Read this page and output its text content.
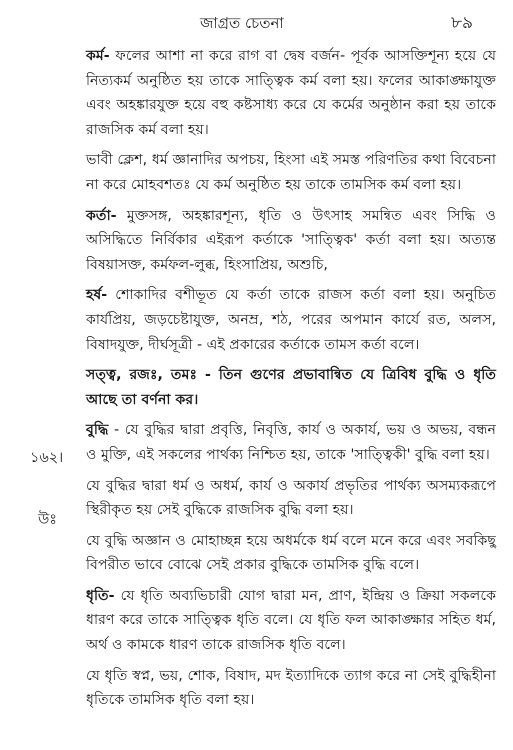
জাগ্রত চেতনা	৮৯
১৬২।
উঃ

কর্ম- ফলের আশা না করে রাগ বা দ্বেষ বর্জন- পূর্বক আসক্তিশূন্য হয়ে যে নিত্যকর্ম অনুষ্ঠিত হয় তাকে সাত্ত্বিক কর্ম বলা হয়। ফলের আকাঙ্ক্ষাযুক্ত এবং অহঙ্কারযুক্ত হয়ে বহু কষ্টসাধ্য করে যে কর্মের অনুষ্ঠান করা হয় তাকে রাজসিক কর্ম বলা হয়।

ভাবী ক্লেশ, ধর্ম জ্ঞানাদির অপচয়, হিংসা এই সমস্ত পরিণতির কথা বিবেচনা না করে মোহবশতঃ যে কর্ম অনুষ্ঠিত হয় তাকে তামসিক কর্ম বলা হয়।

কর্তা- মুক্তসঙ্গ, অহঙ্কারশূন্য, ধৃতি ও উৎসাহ সমন্বিত এবং সিদ্ধি ও অসিদ্ধিতে নির্বিকার এইরূপ কর্তাকে 'সাত্ত্বিক' কর্তা বলা হয়। অত্যন্ত বিষয়াসক্ত, কর্মফল-লুব্ধ, হিংসাপ্রিয়, অশুচি,

হর্ষ- শোকাদির বশীভূত যে কর্তা তাকে রাজস কর্তা বলা হয়। অনুচিত কার্যপ্রিয়, জড়চেষ্টাযুক্ত, অনম্র, শঠ, পরের অপমান কার্যে রত, অলস, বিষাদযুক্ত, দীর্ঘসূত্রী - এই প্রকারের কর্তাকে তামস কর্তা বলে।

সত্ত্ব, রজঃ, তমঃ - তিন গুণের প্রভাবান্বিত যে ত্রিবিধ বুদ্ধি ও ধৃতি আছে তা বর্ণনা কর।

বুদ্ধি - যে বুদ্ধির দ্বারা প্রবৃত্তি, নিবৃত্তি, কার্য ও অকার্য, ভয় ও অভয়, বন্ধন ও মুক্তি, এই সকলের পার্থক্য নিশ্চিত হয়, তাকে 'সাত্ত্বিকী' বুদ্ধি বলা হয়।

যে বুদ্ধির দ্বারা ধর্ম ও অধর্ম, কার্য ও অকার্য প্রভৃতির পার্থক্য অসম্যকরূপে স্থিরীকৃত হয় সেই বুদ্ধিকে রাজসিক বুদ্ধি বলা হয়।

যে বুদ্ধি অজ্ঞান ও মোহাচ্ছন্ন হয়ে অধর্মকে ধর্ম বলে মনে করে এবং সবকিছু বিপরীত ভাবে বোঝে সেই প্রকার বুদ্ধিকে তামসিক বুদ্ধি বলে।

ধৃতি- যে ধৃতি অব্যভিচারী যোগ দ্বারা মন, প্রাণ, ইন্দ্রিয় ও ক্রিয়া সকলকে ধারণ করে তাকে সাত্ত্বিক ধৃতি বলে। যে ধৃতি ফল আকাঙ্ক্ষার সহিত ধর্ম, অর্থ ও কামকে ধারণ তাকে রাজসিক ধৃতি বলে।

যে ধৃতি স্বপ্ন, ভয়, শোক, বিষাদ, মদ ইত্যাদিকে ত্যাগ করে না সেই বুদ্ধিহীনা ধৃতিকে তামসিক ধৃতি বলা হয়।
